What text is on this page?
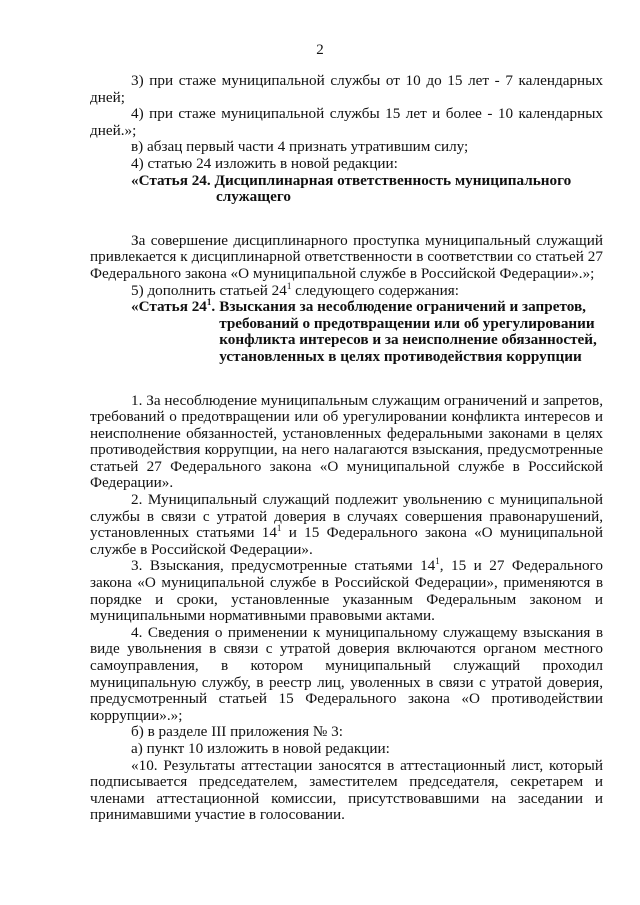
2

3) при стаже муниципальной службы от 10 до 15 лет - 7 календарных дней;

4) при стаже муниципальной службы 15 лет и более - 10 календарных дней.»;

в) абзац первый части 4 признать утратившим силу;

4) статью 24 изложить в новой редакции:

«Статья 24. Дисциплинарная ответственность муниципального
служащего

За совершение дисциплинарного проступка муниципальный служащий привлекается к дисциплинарной ответственности в соответствии со статьей 27 Федерального закона «О муниципальной службе в Российской Федерации».»;

5) дополнить статьей $24^1$ следующего содержания:

«Статья $24^1$. Взыскания за несоблюдение ограничений и запретов, требований о предотвращении или об урегулировании конфликта интересов и за неисполнение обязанностей, установленных в целях противодействия коррупции

1. За несоблюдение муниципальным служащим ограничений и запретов, требований о предотвращении или об урегулировании конфликта интересов и неисполнение обязанностей, установленных федеральными законами в целях противодействия коррупции, на него налагаются взыскания, предусмотренные статьей 27 Федерального закона «О муниципальной службе в Российской Федерации».

2. Муниципальный служащий подлежит увольнению с муниципальной службы в связи с утратой доверия в случаях совершения правонарушений, установленных статьями $14^1$ и 15 Федерального закона «О муниципальной службе в Российской Федерации».

3. Взыскания, предусмотренные статьями $14^1$, 15 и 27 Федерального закона «О муниципальной службе в Российской Федерации», применяются в порядке и сроки, установленные указанным Федеральным законом и муниципальными нормативными правовыми актами.

4. Сведения о применении к муниципальному служащему взыскания в виде увольнения в связи с утратой доверия включаются органом местного самоуправления, в котором муниципальный служащий проходил муниципальную службу, в реестр лиц, уволенных в связи с утратой доверия, предусмотренный статьей 15 Федерального закона «О противодействии коррупции».»;

б) в разделе III приложения № 3:

а) пункт 10 изложить в новой редакции:

«10. Результаты аттестации заносятся в аттестационный лист, который подписывается председателем, заместителем председателя, секретарем и членами аттестационной комиссии, присутствовавшими на заседании и принимавшими участие в голосовании.
